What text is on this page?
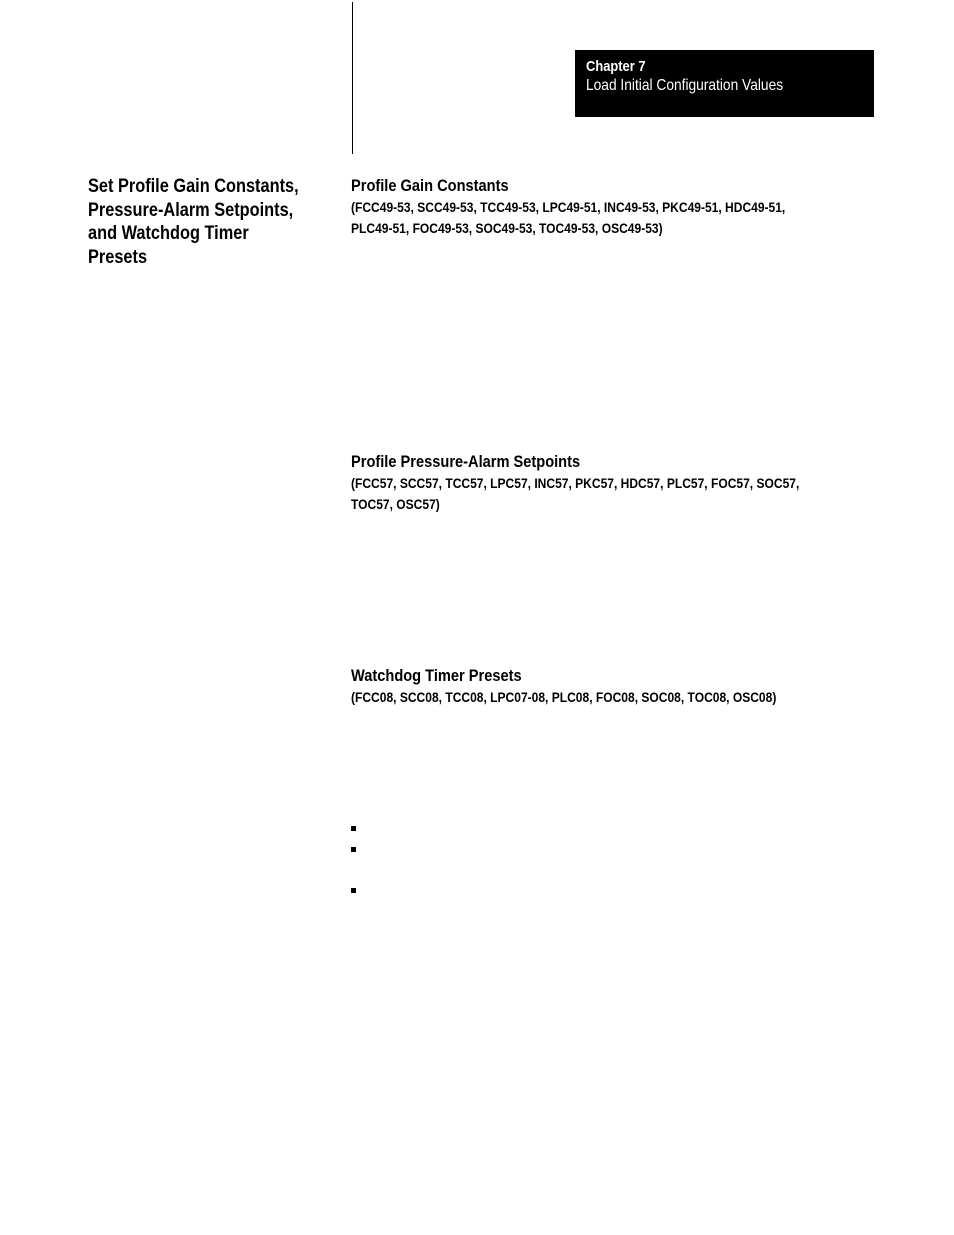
Chapter 7
Load Initial Configuration Values
Set Profile Gain Constants, Pressure-Alarm Setpoints, and Watchdog Timer Presets
Profile Gain Constants
(FCC49-53, SCC49-53, TCC49-53, LPC49-51, INC49-53, PKC49-51, HDC49-51,
PLC49-51, FOC49-53, SOC49-53, TOC49-53, OSC49-53)
Profile Pressure-Alarm Setpoints
(FCC57, SCC57, TCC57, LPC57, INC57, PKC57, HDC57, PLC57, FOC57, SOC57,
TOC57, OSC57)
Watchdog Timer Presets
(FCC08, SCC08, TCC08, LPC07-08, PLC08, FOC08, SOC08, TOC08, OSC08)
